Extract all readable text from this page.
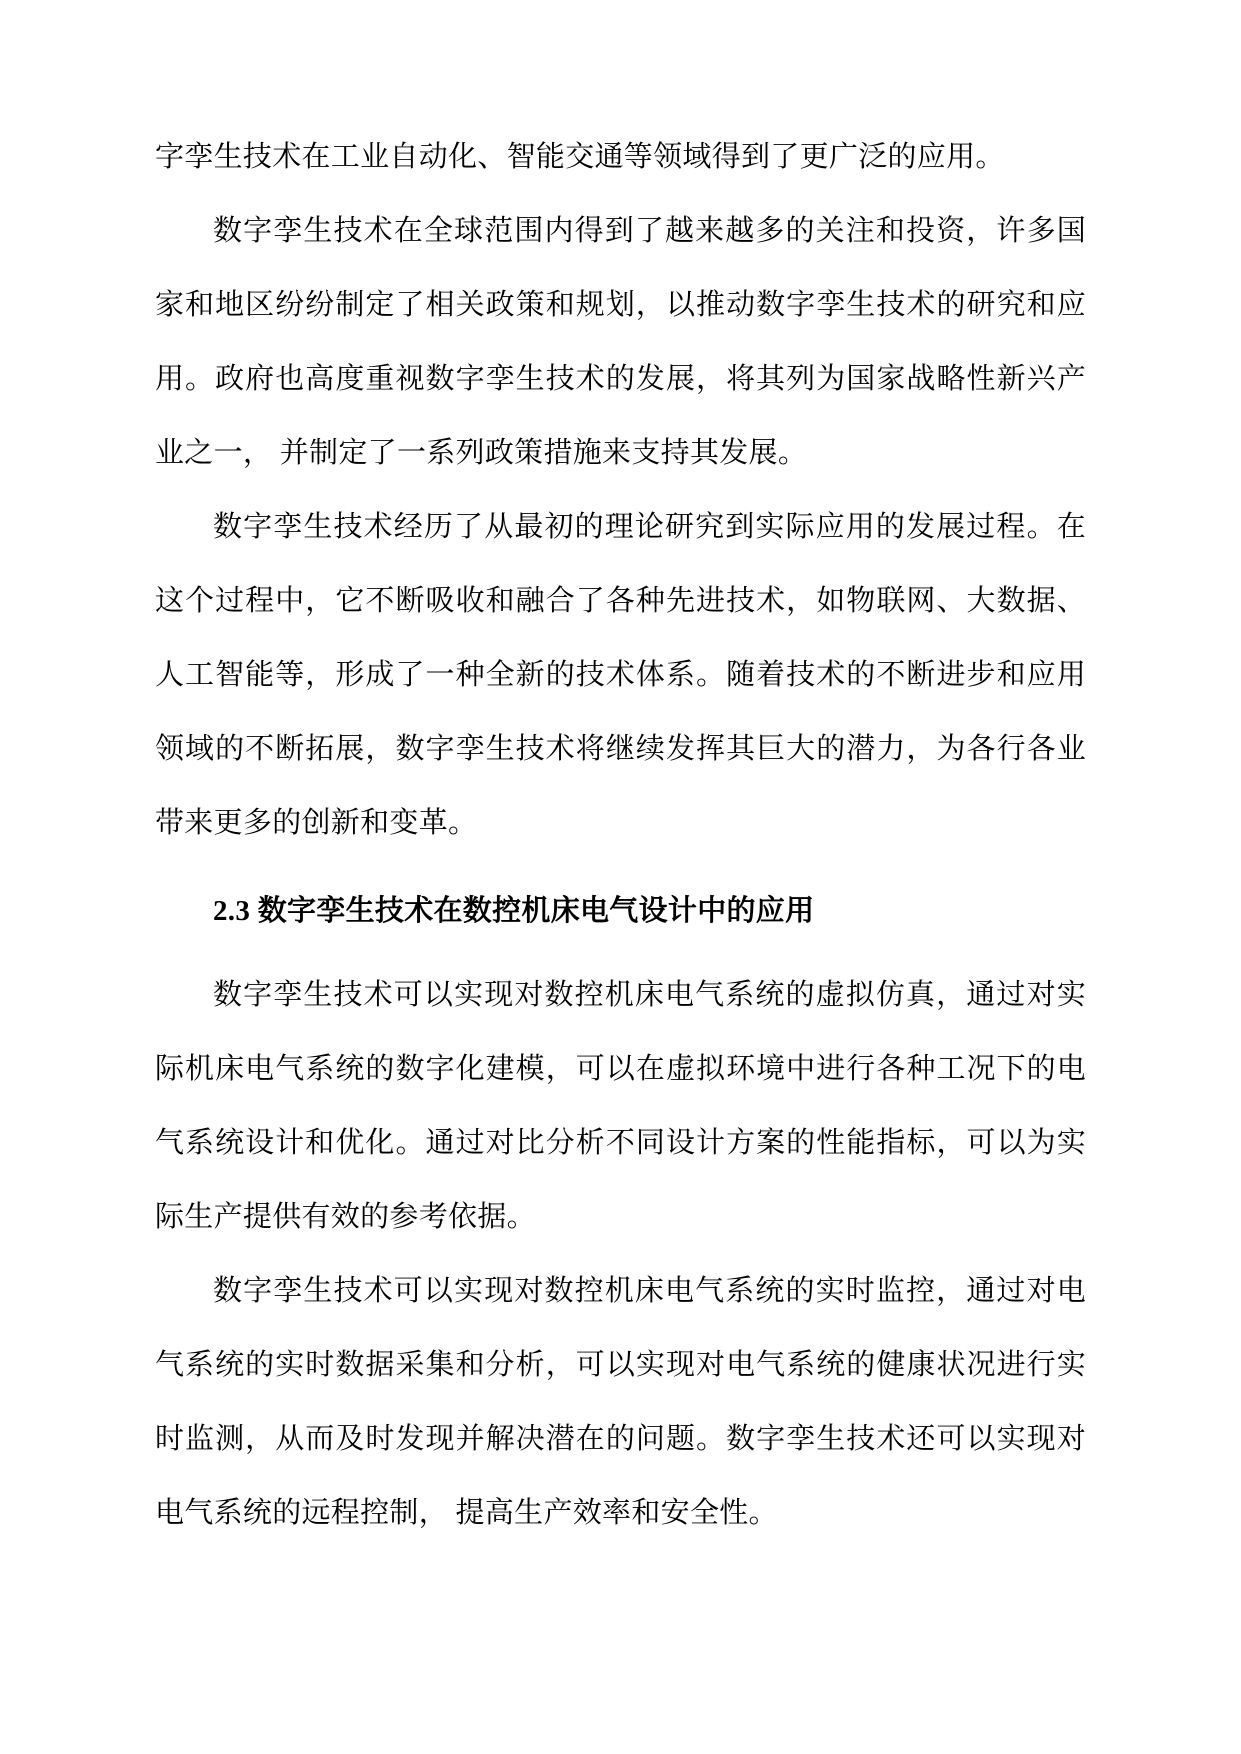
字孪生技术在工业自动化、智能交通等领域得到了更广泛的应用。

数字孪生技术在全球范围内得到了越来越多的关注和投资，许多国家和地区纷纷制定了相关政策和规划，以推动数字孪生技术的研究和应用。政府也高度重视数字孪生技术的发展，将其列为国家战略性新兴产业之一， 并制定了一系列政策措施来支持其发展。

数字孪生技术经历了从最初的理论研究到实际应用的发展过程。在这个过程中，它不断吸收和融合了各种先进技术，如物联网、大数据、人工智能等，形成了一种全新的技术体系。随着技术的不断进步和应用领域的不断拓展，数字孪生技术将继续发挥其巨大的潜力，为各行各业带来更多的创新和变革。

2.3 数字孪生技术在数控机床电气设计中的应用

数字孪生技术可以实现对数控机床电气系统的虚拟仿真，通过对实际机床电气系统的数字化建模，可以在虚拟环境中进行各种工况下的电气系统设计和优化。通过对比分析不同设计方案的性能指标，可以为实际生产提供有效的参考依据。

数字孪生技术可以实现对数控机床电气系统的实时监控，通过对电气系统的实时数据采集和分析，可以实现对电气系统的健康状况进行实时监测，从而及时发现并解决潜在的问题。数字孪生技术还可以实现对电气系统的远程控制， 提高生产效率和安全性。
